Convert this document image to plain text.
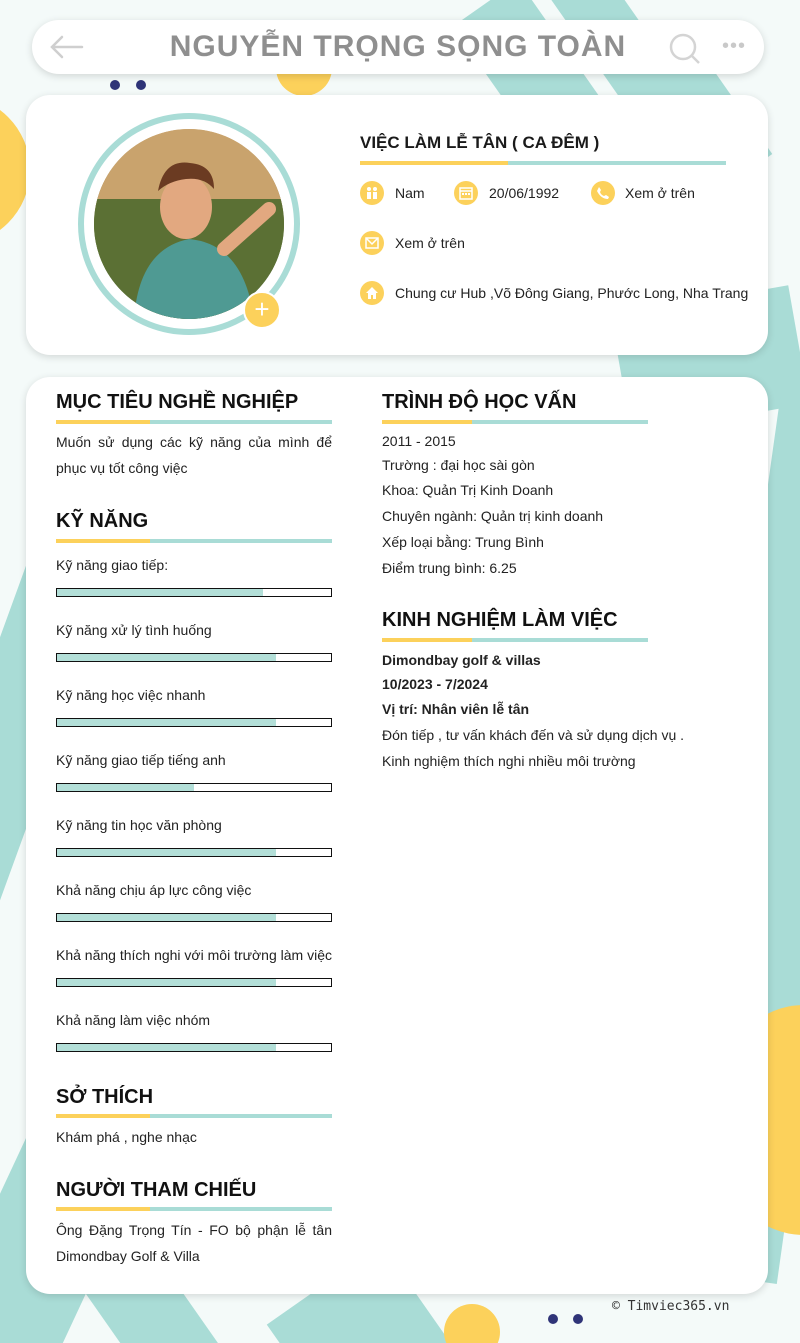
NGUYỄN TRỌNG SỌNG TOÀN	•••
+
VIỆC LÀM LỄ TÂN ( CA ĐÊM )
Nam	20/06/1992	Xem ở trên
Xem ở trên
Chung cư Hub ,Võ Đông Giang, Phước Long, Nha Trang
MỤC TIÊU NGHỀ NGHIỆP
Muốn sử dụng các kỹ năng của mình để phục vụ tốt công việc
KỸ NĂNG
Kỹ năng giao tiếp:
Kỹ năng xử lý tình huống
Kỹ năng học việc nhanh
Kỹ năng giao tiếp tiếng anh
Kỹ năng tin học văn phòng
Khả năng chịu áp lực công việc
Khả năng thích nghi với môi trường làm việc
Khả năng làm việc nhóm
SỞ THÍCH
Khám phá , nghe nhạc
NGƯỜI THAM CHIẾU
Ông Đặng Trọng Tín - FO bộ phận lễ tân Dimondbay Golf & Villa
TRÌNH ĐỘ HỌC VẤN
2011 - 2015
Trường : đại học sài gòn
Khoa: Quản Trị Kinh Doanh
Chuyên ngành: Quản trị kinh doanh
Xếp loại bằng: Trung Bình
Điểm trung bình: 6.25
KINH NGHIỆM LÀM VIỆC
Dimondbay golf & villas
10/2023 - 7/2024
Vị trí: Nhân viên lễ tân
Đón tiếp , tư vấn khách đến và sử dụng dịch vụ .
Kinh nghiệm thích nghi nhiều môi trường
© Timviec365.vn
